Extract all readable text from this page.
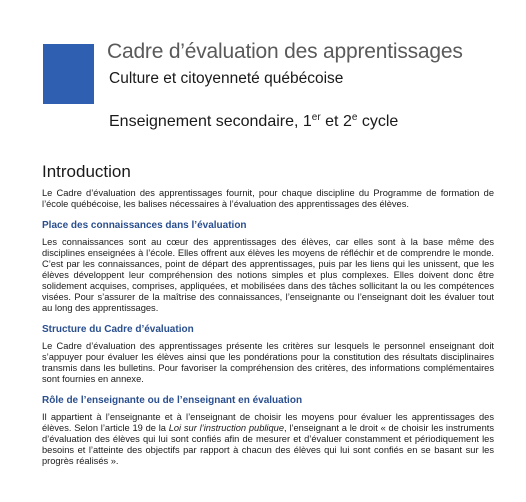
Cadre d’évaluation des apprentissages
Culture et citoyenneté québécoise
Enseignement secondaire, 1er et 2e cycle
Introduction

Le Cadre d’évaluation des apprentissages fournit, pour chaque discipline du Programme de formation de l’école québécoise, les balises nécessaires à l’évaluation des apprentissages des élèves.

Place des connaissances dans l’évaluation

Les connaissances sont au cœur des apprentissages des élèves, car elles sont à la base même des disciplines enseignées à l’école. Elles offrent aux élèves les moyens de réfléchir et de comprendre le monde. C’est par les connaissances, point de départ des apprentissages, puis par les liens qui les unissent, que les élèves développent leur compréhension des notions simples et plus complexes. Elles doivent donc être solidement acquises, comprises, appliquées, et mobilisées dans des tâches sollicitant la ou les compétences visées. Pour s’assurer de la maîtrise des connaissances, l’enseignante ou l’enseignant doit les évaluer tout au long des apprentissages.

Structure du Cadre d’évaluation

Le Cadre d’évaluation des apprentissages présente les critères sur lesquels le personnel enseignant doit s’appuyer pour évaluer les élèves ainsi que les pondérations pour la constitution des résultats disciplinaires transmis dans les bulletins. Pour favoriser la compréhension des critères, des informations complémentaires sont fournies en annexe.

Rôle de l’enseignante ou de l’enseignant en évaluation

Il appartient à l’enseignante et à l’enseignant de choisir les moyens pour évaluer les apprentissages des élèves. Selon l’article 19 de la Loi sur l’instruction publique, l’enseignant a le droit « de choisir les instruments d’évaluation des élèves qui lui sont confiés afin de mesurer et d’évaluer constamment et périodiquement les besoins et l’atteinte des objectifs par rapport à chacun des élèves qui lui sont confiés en se basant sur les progrès réalisés ».
